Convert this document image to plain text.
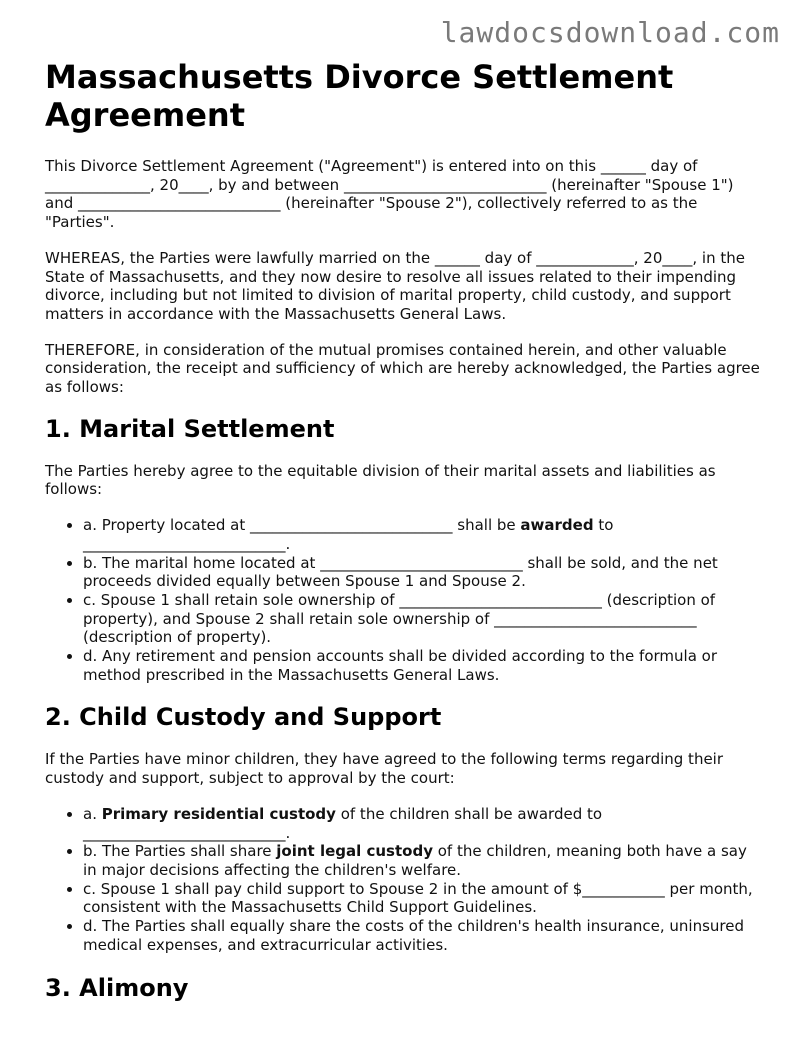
lawdocsdownload.com

Massachusetts Divorce Settlement Agreement

This Divorce Settlement Agreement ("Agreement") is entered into on this ______ day of ______________, 20____, by and between ___________________________ (hereinafter "Spouse 1") and ___________________________ (hereinafter "Spouse 2"), collectively referred to as the "Parties".

WHEREAS, the Parties were lawfully married on the ______ day of _____________, 20____, in the State of Massachusetts, and they now desire to resolve all issues related to their impending divorce, including but not limited to division of marital property, child custody, and support matters in accordance with the Massachusetts General Laws.

THEREFORE, in consideration of the mutual promises contained herein, and other valuable consideration, the receipt and sufficiency of which are hereby acknowledged, the Parties agree as follows:

1. Marital Settlement

The Parties hereby agree to the equitable division of their marital assets and liabilities as follows:

• a. Property located at ___________________________ shall be awarded to ___________________________.
• b. The marital home located at ___________________________ shall be sold, and the net proceeds divided equally between Spouse 1 and Spouse 2.
• c. Spouse 1 shall retain sole ownership of ___________________________ (description of property), and Spouse 2 shall retain sole ownership of ___________________________ (description of property).
• d. Any retirement and pension accounts shall be divided according to the formula or method prescribed in the Massachusetts General Laws.
2. Child Custody and Support

If the Parties have minor children, they have agreed to the following terms regarding their custody and support, subject to approval by the court:

• a. Primary residential custody of the children shall be awarded to ___________________________.
• b. The Parties shall share joint legal custody of the children, meaning both have a say in major decisions affecting the children's welfare.
• c. Spouse 1 shall pay child support to Spouse 2 in the amount of $___________ per month, consistent with the Massachusetts Child Support Guidelines.
• d. The Parties shall equally share the costs of the children's health insurance, uninsured medical expenses, and extracurricular activities.
3. Alimony
